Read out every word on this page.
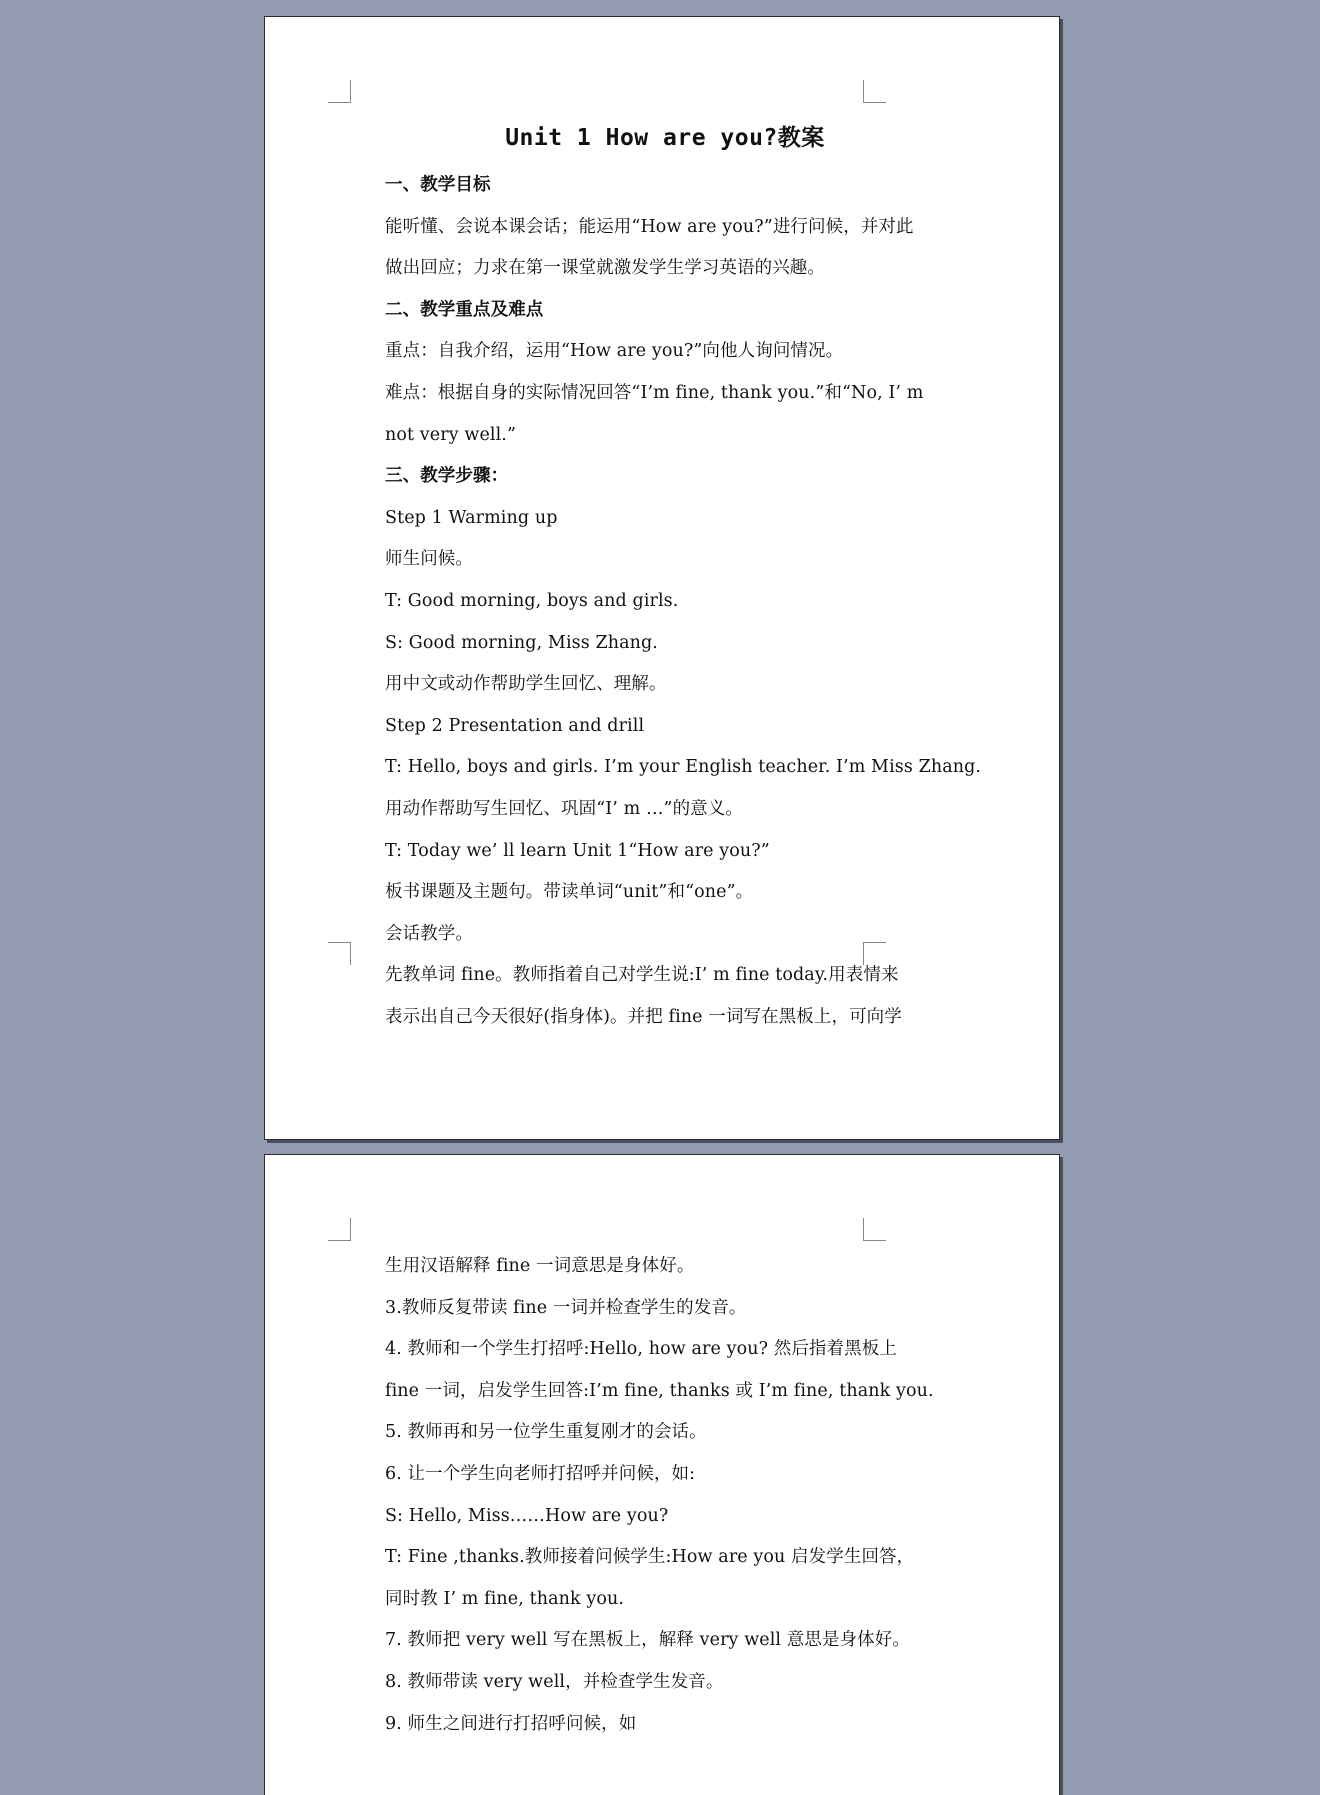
Unit 1 How are you?教案
一、教学目标
能听懂、会说本课会话；能运用“How are you?”进行问候，并对此
做出回应；力求在第一课堂就激发学生学习英语的兴趣。
二、教学重点及难点
重点：自我介绍，运用“How are you?”向他人询问情况。
难点：根据自身的实际情况回答“I’m fine, thank you.”和“No, I’ m
not very well.”
三、教学步骤：
Step 1 Warming up
师生问候。
T: Good morning, boys and girls.
S: Good morning, Miss Zhang.
用中文或动作帮助学生回忆、理解。
Step 2 Presentation and drill
T: Hello, boys and girls. I’m your English teacher. I’m Miss Zhang.
用动作帮助写生回忆、巩固“I’ m …”的意义。
T: Today we’ ll learn Unit 1“How are you?”
板书课题及主题句。带读单词“unit”和“one”。
会话教学。
先教单词 fine。教师指着自己对学生说:I’ m fine today.用表情来
表示出自己今天很好(指身体)。并把 fine 一词写在黑板上，可向学
生用汉语解释 fine 一词意思是身体好。
3.教师反复带读 fine 一词并检查学生的发音。
4. 教师和一个学生打招呼:Hello, how are you? 然后指着黑板上
fine 一词，启发学生回答:I’m fine, thanks 或 I’m fine, thank you.
5. 教师再和另一位学生重复刚才的会话。
6. 让一个学生向老师打招呼并问候，如:
S: Hello, Miss……How are you?
T: Fine ,thanks.教师接着问候学生:How are you 启发学生回答，
同时教 I’ m fine, thank you.
7. 教师把 very well 写在黑板上，解释 very well 意思是身体好。
8. 教师带读 very well，并检查学生发音。
9. 师生之间进行打招呼问候，如
